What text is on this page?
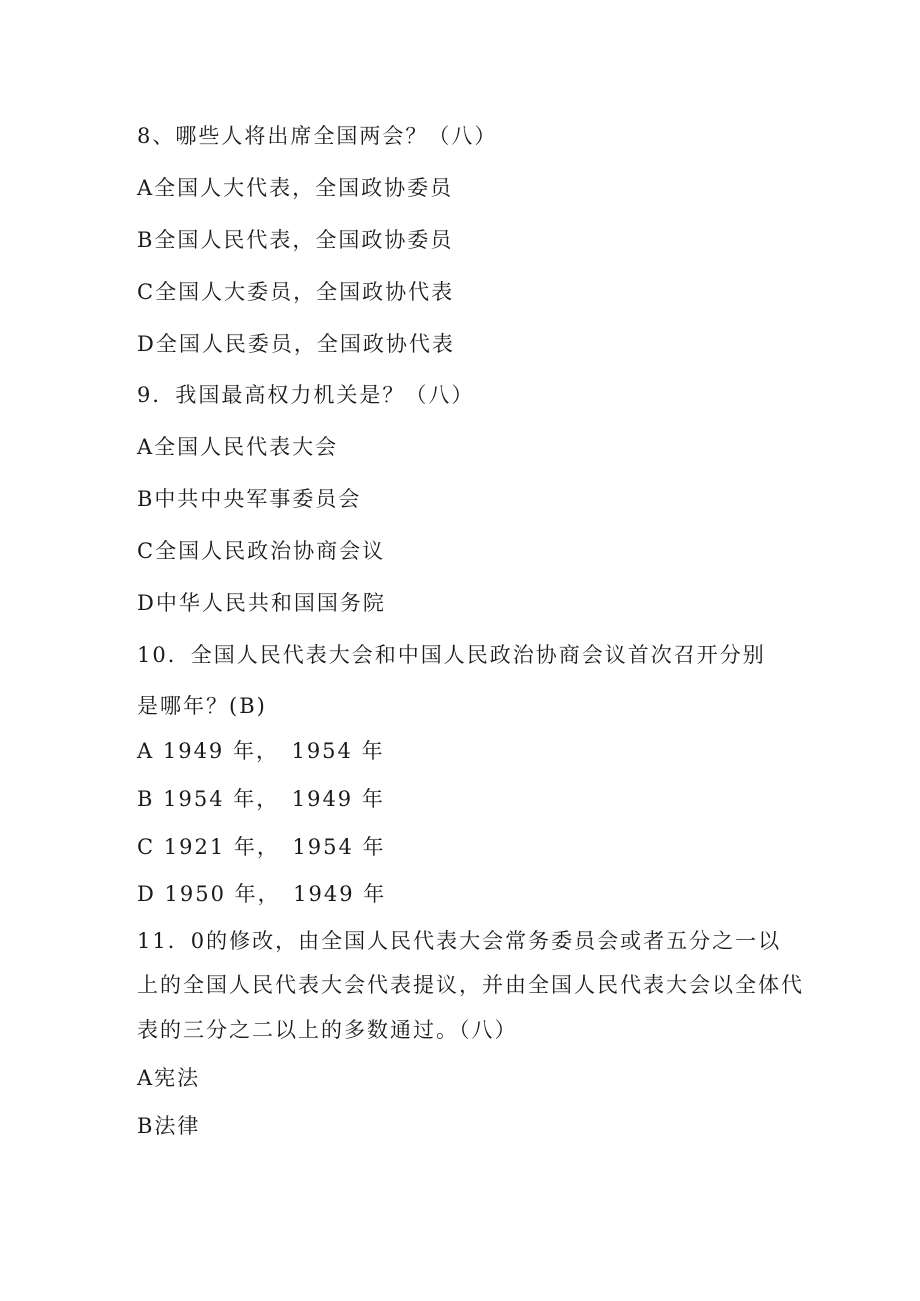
8、哪些人将出席全国两会？（八）
A全国人大代表，全国政协委员
B全国人民代表，全国政协委员
C全国人大委员，全国政协代表
D全国人民委员，全国政协代表
9．我国最高权力机关是？（八）
A全国人民代表大会
B中共中央军事委员会
C全国人民政治协商会议
D中华人民共和国国务院
10．全国人民代表大会和中国人民政治协商会议首次召开分别
是哪年？(B)
A 1949 年，　1954 年
B 1954 年，　1949 年
C 1921 年，　1954 年
D 1950 年，　1949 年
11．0的修改，由全国人民代表大会常务委员会或者五分之一以
上的全国人民代表大会代表提议，并由全国人民代表大会以全体代
表的三分之二以上的多数通过。（八）
A宪法
B法律
